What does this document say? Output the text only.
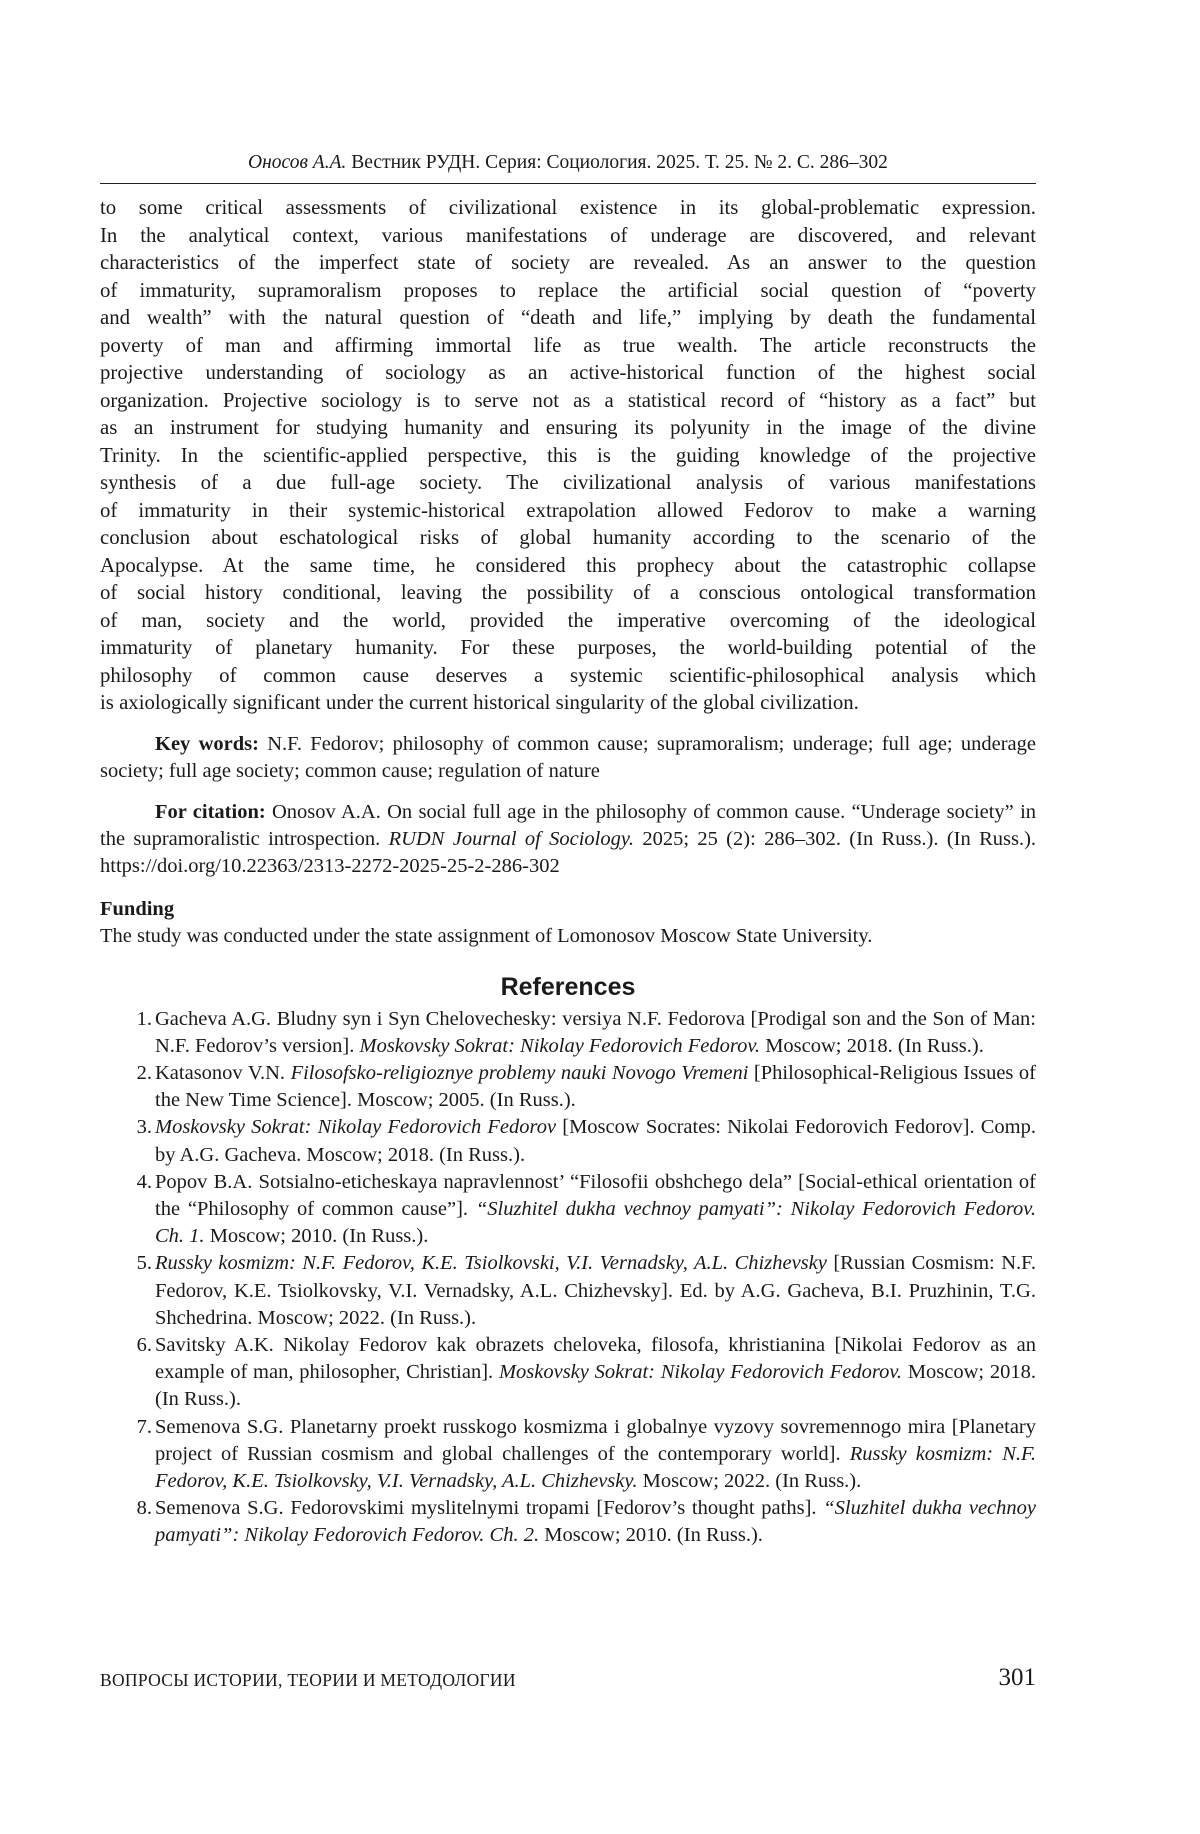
Оносов А.А. Вестник РУДН. Серия: Социология. 2025. Т. 25. № 2. С. 286–302
to some critical assessments of civilizational existence in its global-problematic expression.
In the analytical context, various manifestations of underage are discovered, and relevant
characteristics of the imperfect state of society are revealed. As an answer to the question
of immaturity, supramoralism proposes to replace the artificial social question of “poverty
and wealth” with the natural question of “death and life,” implying by death the fundamental
poverty of man and affirming immortal life as true wealth. The article reconstructs the
projective understanding of sociology as an active-historical function of the highest social
organization. Projective sociology is to serve not as a statistical record of “history as a fact” but
as an instrument for studying humanity and ensuring its polyunity in the image of the divine
Trinity. In the scientific-applied perspective, this is the guiding knowledge of the projective
synthesis of a due full-age society. The civilizational analysis of various manifestations
of immaturity in their systemic-historical extrapolation allowed Fedorov to make a warning
conclusion about eschatological risks of global humanity according to the scenario of the
Apocalypse. At the same time, he considered this prophecy about the catastrophic collapse
of social history conditional, leaving the possibility of a conscious ontological transformation
of man, society and the world, provided the imperative overcoming of the ideological
immaturity of planetary humanity. For these purposes, the world-building potential of the
philosophy of common cause deserves a systemic scientific-philosophical analysis which
is axiologically significant under the current historical singularity of the global civilization.

Key words: N.F. Fedorov; philosophy of common cause; supramoralism; underage; full age; underage society; full age society; common cause; regulation of nature

For citation: Onosov A.A. On social full age in the philosophy of common cause. “Underage society” in the supramoralistic introspection. RUDN Journal of Sociology. 2025; 25 (2): 286–302. (In Russ.). (In Russ.). https://doi.org/10.22363/2313-2272-2025-25-2-286-302

Funding
The study was conducted under the state assignment of Lomonosov Moscow State University.
References
1. Gacheva A.G. Bludny syn i Syn Chelovechesky: versiya N.F. Fedorova [Prodigal son and the Son of Man: N.F. Fedorov’s version]. Moskovsky Sokrat: Nikolay Fedorovich Fedorov. Moscow; 2018. (In Russ.).
2. Katasonov V.N. Filosofsko-religioznye problemy nauki Novogo Vremeni [Philosophical-Religious Issues of the New Time Science]. Moscow; 2005. (In Russ.).
3. Moskovsky Sokrat: Nikolay Fedorovich Fedorov [Moscow Socrates: Nikolai Fedorovich Fedorov]. Comp. by A.G. Gacheva. Moscow; 2018. (In Russ.).
4. Popov B.A. Sotsialno-eticheskaya napravlennost’ “Filosofii obshchego dela” [Social-ethical orientation of the “Philosophy of common cause”]. “Sluzhitel dukha vechnoy pamyati”: Nikolay Fedorovich Fedorov. Ch. 1. Moscow; 2010. (In Russ.).
5. Russky kosmizm: N.F. Fedorov, K.E. Tsiolkovski, V.I. Vernadsky, A.L. Chizhevsky [Russian Cosmism: N.F. Fedorov, K.E. Tsiolkovsky, V.I. Vernadsky, A.L. Chizhevsky]. Ed. by A.G. Gacheva, B.I. Pruzhinin, T.G. Shchedrina. Moscow; 2022. (In Russ.).
6. Savitsky A.K. Nikolay Fedorov kak obrazets cheloveka, filosofa, khristianina [Nikolai Fedorov as an example of man, philosopher, Christian]. Moskovsky Sokrat: Nikolay Fedorovich Fedorov. Moscow; 2018. (In Russ.).
7. Semenova S.G. Planetarny proekt russkogo kosmizma i globalnye vyzovy sovremennogo mira [Planetary project of Russian cosmism and global challenges of the contemporary world]. Russky kosmizm: N.F. Fedorov, K.E. Tsiolkovsky, V.I. Vernadsky, A.L. Chizhevsky. Moscow; 2022. (In Russ.).
8. Semenova S.G. Fedorovskimi myslitelnymi tropami [Fedorov’s thought paths]. “Sluzhitel dukha vechnoy pamyati”: Nikolay Fedorovich Fedorov. Ch. 2. Moscow; 2010. (In Russ.).
ВОПРОСЫ ИСТОРИИ, ТЕОРИИ И МЕТОДОЛОГИИ	301
